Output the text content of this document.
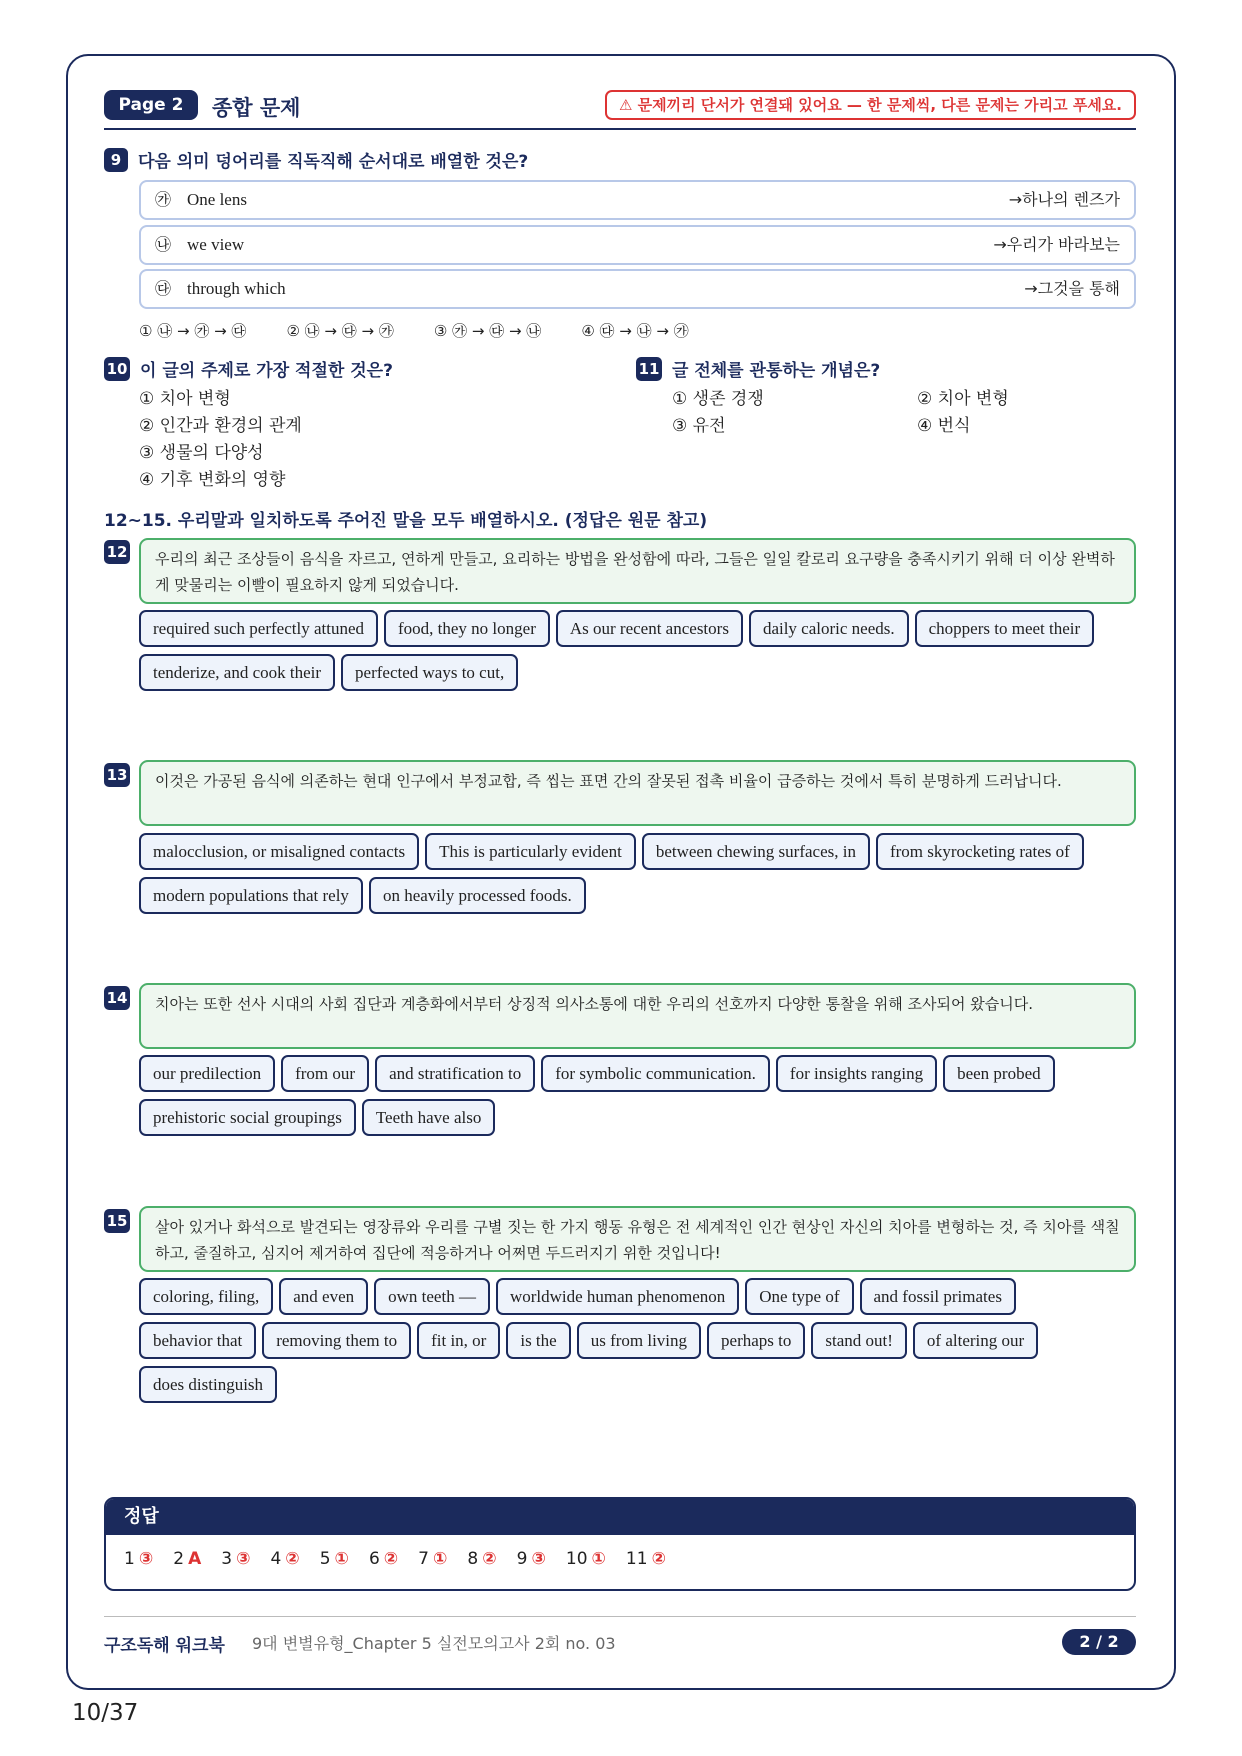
Page 2	종합 문제	⚠ 문제끼리 단서가 연결돼 있어요 — 한 문제씩, 다른 문제는 가리고 푸세요.
9 다음 의미 덩어리를 직독직해 순서대로 배열한 것은?
㉮ One lens	→하나의 렌즈가
㉯ we view	→우리가 바라보는
㉰ through which	→그것을 통해
① ㉯ → ㉮ → ㉰	② ㉯ → ㉰ → ㉮	③ ㉮ → ㉰ → ㉯	④ ㉰ → ㉯ → ㉮
10 이 글의 주제로 가장 적절한 것은?
① 치아 변형
② 인간과 환경의 관계
③ 생물의 다양성
④ 기후 변화의 영향
11 글 전체를 관통하는 개념은?
① 생존 경쟁	② 치아 변형
③ 유전	④ 번식
12~15. 우리말과 일치하도록 주어진 말을 모두 배열하시오. (정답은 원문 참고)
12	우리의 최근 조상들이 음식을 자르고, 연하게 만들고, 요리하는 방법을 완성함에 따라, 그들은 일일 칼로리 요구량을 충족시키기 위해 더 이상 완벽하게 맞물리는 이빨이 필요하지 않게 되었습니다.
required such perfectly attuned	food, they no longer	As our recent ancestors	daily caloric needs.	choppers to meet their
tenderize, and cook their	perfected ways to cut,
13	이것은 가공된 음식에 의존하는 현대 인구에서 부정교합, 즉 씹는 표면 간의 잘못된 접촉 비율이 급증하는 것에서 특히 분명하게 드러납니다.
malocclusion, or misaligned contacts	This is particularly evident	between chewing surfaces, in	from skyrocketing rates of
modern populations that rely	on heavily processed foods.
14	치아는 또한 선사 시대의 사회 집단과 계층화에서부터 상징적 의사소통에 대한 우리의 선호까지 다양한 통찰을 위해 조사되어 왔습니다.
our predilection	from our	and stratification to	for symbolic communication.	for insights ranging	been probed
prehistoric social groupings	Teeth have also
15	살아 있거나 화석으로 발견되는 영장류와 우리를 구별 짓는 한 가지 행동 유형은 전 세계적인 인간 현상인 자신의 치아를 변형하는 것, 즉 치아를 색칠하고, 줄질하고, 심지어 제거하여 집단에 적응하거나 어쩌면 두드러지기 위한 것입니다!
coloring, filing,	and even	own teeth —	worldwide human phenomenon	One type of	and fossil primates
behavior that	removing them to	fit in, or	is the	us from living	perhaps to	stand out!	of altering our
does distinguish
정답
1 ③ 2 A 3 ③ 4 ② 5 ① 6 ② 7 ① 8 ② 9 ③ 10 ① 11 ②
구조독해 워크북 9대 변별유형_Chapter 5 실전모의고사 2회 no. 03	2 / 2
10/37
